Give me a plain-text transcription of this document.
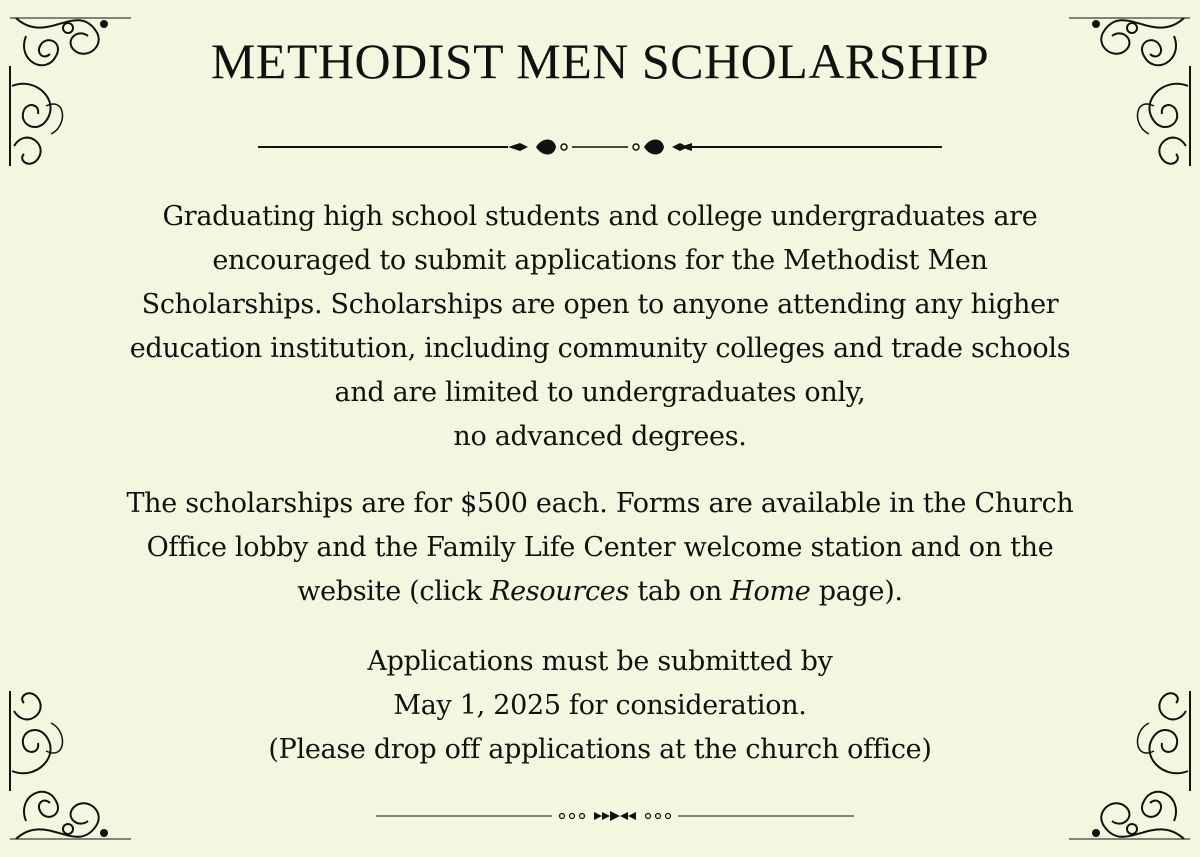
METHODIST MEN SCHOLARSHIP

Graduating high school students and college undergraduates are encouraged to submit applications for the Methodist Men Scholarships. Scholarships are open to anyone attending any higher education institution, including community colleges and trade schools and are limited to undergraduates only,
no advanced degrees.

The scholarships are for $500 each. Forms are available in the Church Office lobby and the Family Life Center welcome station and on the website (click Resources tab on Home page).

Applications must be submitted by
May 1, 2025 for consideration.
(Please drop off applications at the church office)
